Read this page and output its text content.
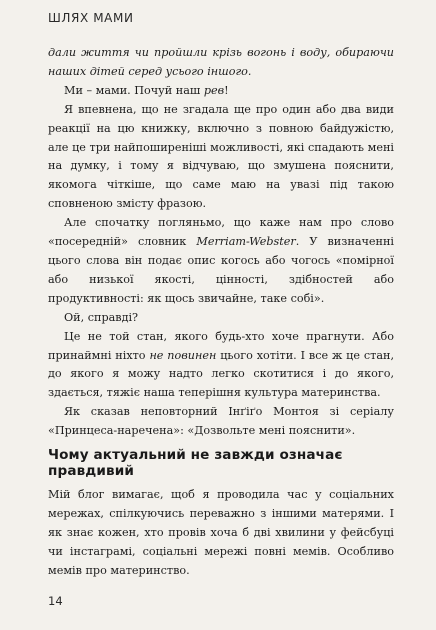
ШЛЯХ МАМИ

дали життя чи пройшли крізь вогонь і воду, обираючи наших дітей серед усього іншого.

Ми – мами. Почуй наш рев!

Я впевнена, що не згадала ще про один або два види реакції на цю книжку, включно з повною байдужістю, але це три найпоширеніші можливості, які спадають мені на думку, і тому я відчуваю, що змушена пояснити, якомога чіткіше, що саме маю на увазі під такою сповненою змісту фразою.

Але спочатку погляньмо, що каже нам про слово «посередній» словник Merriam-Webster. У визначенні цього слова він подає опис когось або чогось «помірної або низької якості, цінності, здібностей або продуктивності: як щось звичайне, таке собі».

Ой, справді?

Це не той стан, якого будь-хто хоче прагнути. Або принаймні ніхто не повинен цього хотіти. І все ж це стан, до якого я можу надто легко скотитися і до якого, здається, тяжіє наша теперішня культура материнства.

Як сказав неповторний Інґіґо Монтоя зі серіалу «Принцеса-наречена»: «Дозвольте мені пояснити».

Чому актуальний не завжди означає правдивий

Мій блог вимагає, щоб я проводила час у соціальних мережах, спілкуючись переважно з іншими матерями. І як знає кожен, хто провів хоча б дві хвилини у фейсбуці чи інстаграмі, соціальні мережі повні мемів. Особливо мемів про материнство.

14
